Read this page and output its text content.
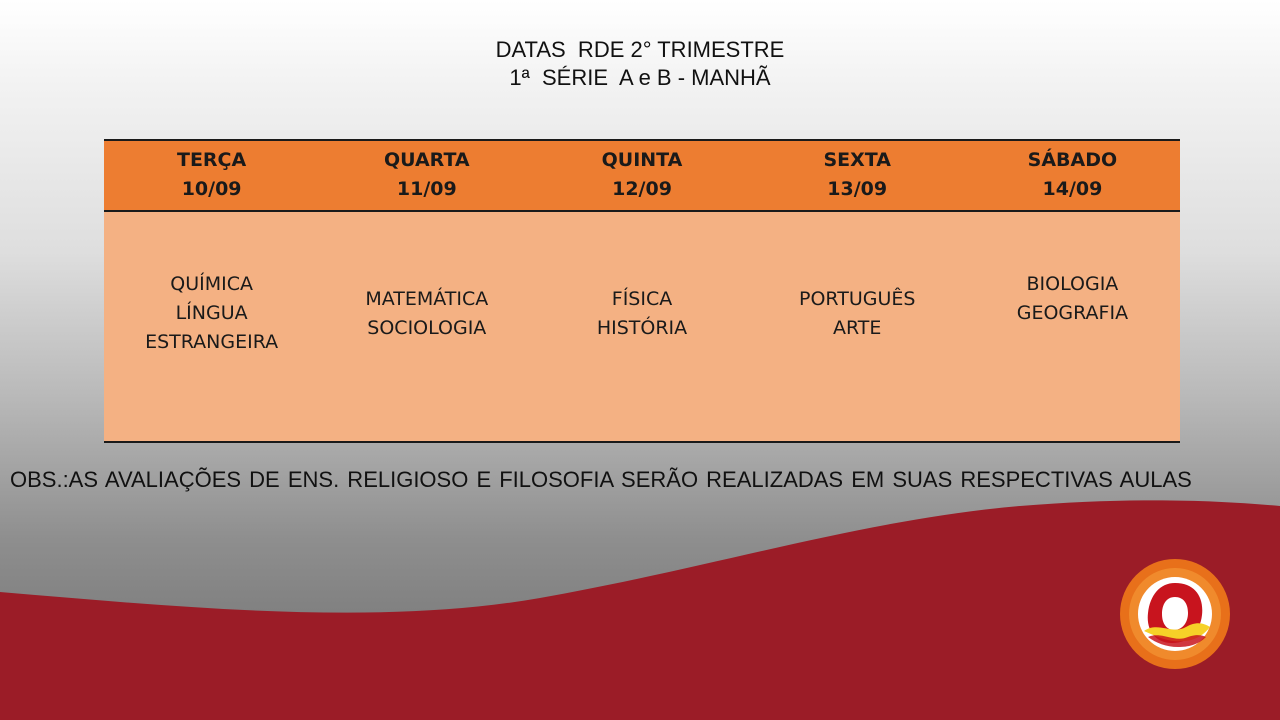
DATAS  RDE 2° TRIMESTRE
1ª  SÉRIE  A e B - MANHÃ
TERÇA
10/09
QUARTA
11/09
QUINTA
12/09
SEXTA
13/09
SÁBADO
14/09
QUÍMICA
LÍNGUA
ESTRANGEIRA
MATEMÁTICA
SOCIOLOGIA
FÍSICA
HISTÓRIA
PORTUGUÊS
ARTE
BIOLOGIA
GEOGRAFIA
OBS.:AS AVALIAÇÕES DE ENS. RELIGIOSO E FILOSOFIA SERÃO REALIZADAS EM SUAS RESPECTIVAS AULAS
